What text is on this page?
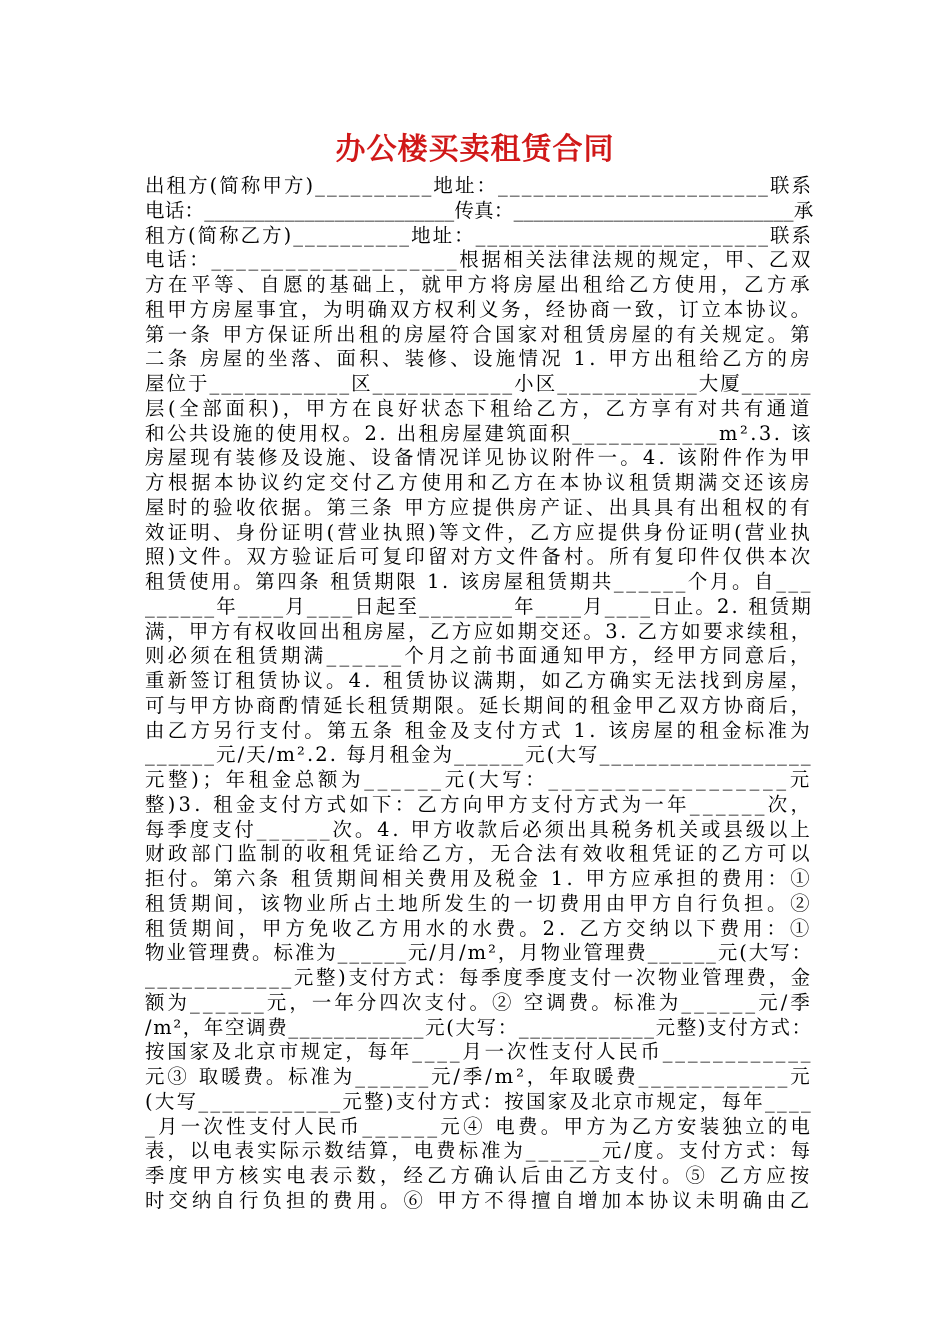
办公楼买卖租赁合同
出租方(简称甲方)__________地址：_______________________联系
电话：_________________________传真：____________________________承
租方(简称乙方)__________地址：_________________________联系
电话：____________________根据相关法律法规的规定，甲、乙双
方在平等、自愿的基础上，就甲方将房屋出租给乙方使用，乙方承
租甲方房屋事宜，为明确双方权利义务，经协商一致，订立本协议。
第一条 甲方保证所出租的房屋符合国家对租赁房屋的有关规定。第
二条 房屋的坐落、面积、装修、设施情况 1. 甲方出租给乙方的房
屋位于____________区____________小区____________大厦______
层(全部面积)，甲方在良好状态下租给乙方，乙方享有对共有通道
和公共设施的使用权。2. 出租房屋建筑面积____________m².3. 该
房屋现有装修及设施、设备情况详见协议附件一。4. 该附件作为甲
方根据本协议约定交付乙方使用和乙方在本协议租赁期满交还该房
屋时的验收依据。第三条 甲方应提供房产证、出具具有出租权的有
效证明、身份证明(营业执照)等文件，乙方应提供身份证明(营业执
照)文件。双方验证后可复印留对方文件备村。所有复印件仅供本次
租赁使用。第四条 租赁期限 1. 该房屋租赁期共______个月。自___
______年____月____日起至________年____月____日止。2. 租赁期
满，甲方有权收回出租房屋，乙方应如期交还。3. 乙方如要求续租，
则必须在租赁期满______个月之前书面通知甲方，经甲方同意后，
重新签订租赁协议。4. 租赁协议满期，如乙方确实无法找到房屋，
可与甲方协商酌情延长租赁期限。延长期间的租金甲乙双方协商后，
由乙方另行支付。第五条 租金及支付方式 1. 该房屋的租金标准为
______元/天/m².2. 每月租金为______元(大写__________________
元整)；年租金总额为______元(大写：__________________元
整)3. 租金支付方式如下：乙方向甲方支付方式为一年______次，
每季度支付______次。4. 甲方收款后必须出具税务机关或县级以上
财政部门监制的收租凭证给乙方，无合法有效收租凭证的乙方可以
拒付。第六条 租赁期间相关费用及税金 1. 甲方应承担的费用：①
租赁期间，该物业所占土地所发生的一切费用由甲方自行负担。②
租赁期间，甲方免收乙方用水的水费。2. 乙方交纳以下费用：①
物业管理费。标准为______元/月/m²，月物业管理费______元(大写：
____________元整)支付方式：每季度季度支付一次物业管理费，金
额为______元，一年分四次支付。② 空调费。标准为______元/季
/m²，年空调费____________元(大写：____________元整)支付方式：
按国家及北京市规定，每年____月一次性支付人民币____________
元③ 取暖费。标准为______元/季/m²，年取暖费____________元
(大写____________元整)支付方式：按国家及北京市规定，每年____
_月一次性支付人民币______元④ 电费。甲方为乙方安装独立的电
表，以电表实际示数结算，电费标准为______元/度。支付方式：每
季度甲方核实电表示数，经乙方确认后由乙方支付。⑤ 乙方应按
时交纳自行负担的费用。⑥ 甲方不得擅自增加本协议未明确由乙
